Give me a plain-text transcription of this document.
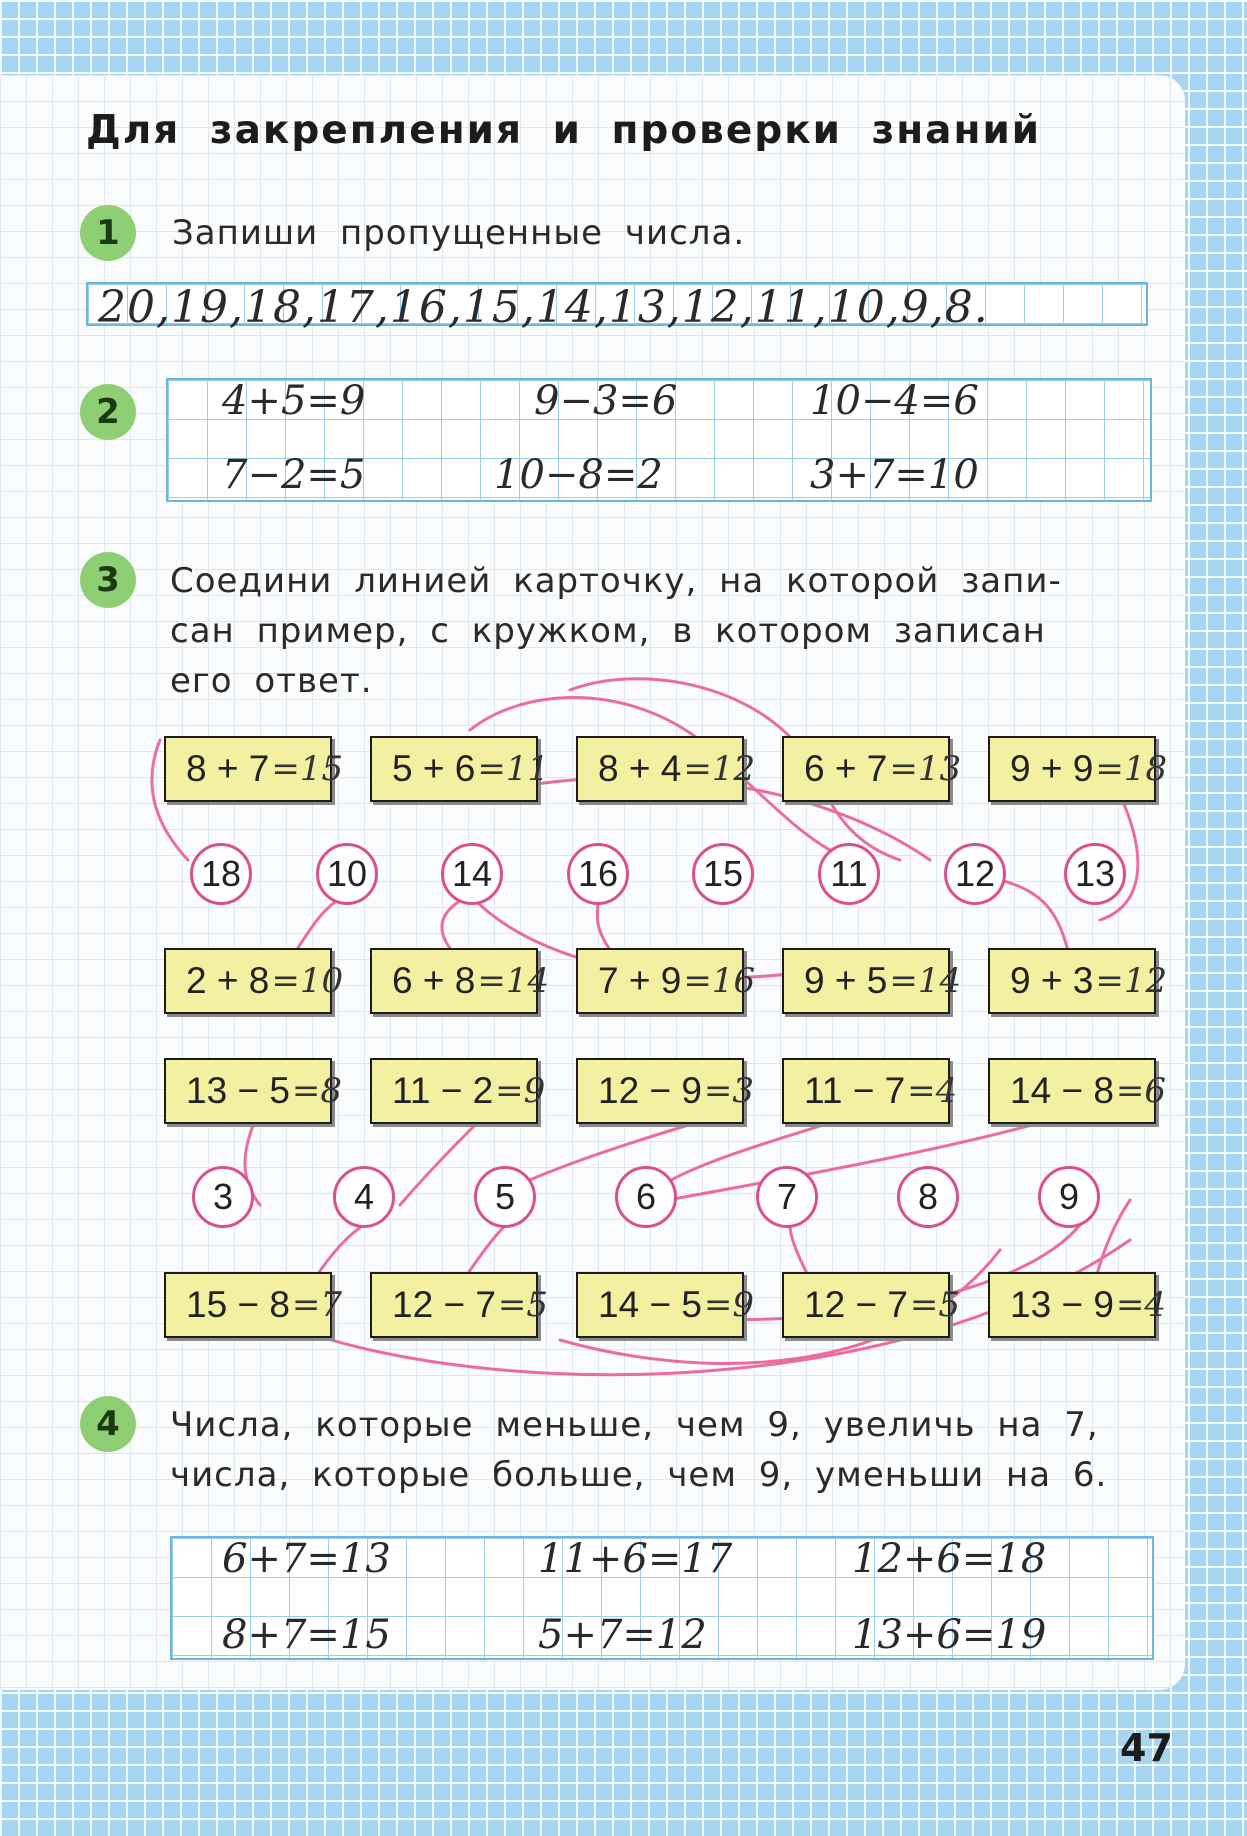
Для закрепления и проверки знаний
1	Запиши пропущенные числа.
20,19,18,17,16,15,14,13,12,11,10,9,8.
2	4+5=9	9−3=6	10−4=6
7−2=5	10−8=2	3+7=10
3	Соедини линией карточку, на которой запи-
сан пример, с кружком, в котором записан
его ответ.
8 + 7 =15 5 + 6 =11 8 + 4 =12 6 + 7 =13 9 + 9 =18
18	10	14	16	15	11	12	13
2 + 8 =10 6 + 8 =14 7 + 9 =16 9 + 5 =14 9 + 3 =12
13 − 5 =8 11 − 2 =9 12 − 9 =3 11 − 7 =4 14 − 8 =6
3	4	5	6	7	8	9
15 − 8 =7 12 − 7 =5 14 − 5 =9 12 − 7 =5 13 − 9 =4
4	Числа, которые меньше, чем 9, увеличь на 7,
числа, которые больше, чем 9, уменьши на 6.
6+7=13	11+6=17	12+6=18
8+7=15	5+7=12	13+6=19
47
